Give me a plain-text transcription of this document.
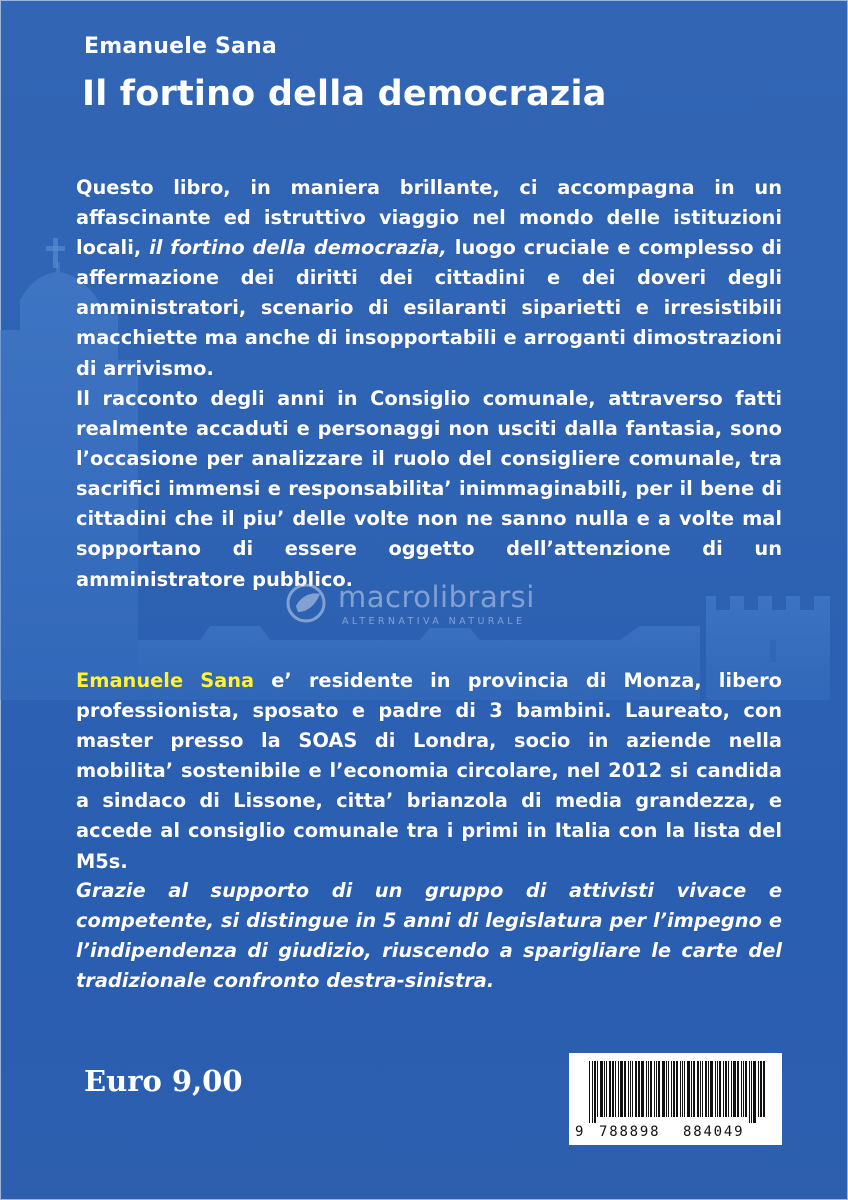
Emanuele Sana

Il fortino della democrazia

Questo libro, in maniera brillante, ci accompagna in un affascinante ed istruttivo viaggio nel mondo delle istituzioni locali, il fortino della democrazia, luogo cruciale e complesso di affermazione dei diritti dei cittadini e dei doveri degli amministratori, scenario di esilaranti siparietti e irresistibili macchiette ma anche di insopportabili e arroganti dimostrazioni di arrivismo.

Il racconto degli anni in Consiglio comunale, attraverso fatti realmente accaduti e personaggi non usciti dalla fantasia, sono l’occasione per analizzare il ruolo del consigliere comunale, tra sacrifici immensi e responsabilita’ inimmaginabili, per il bene di cittadini che il piu’ delle volte non ne sanno nulla e a volte mal sopportano di essere oggetto dell’attenzione di un amministratore pubblico.

macrolibrarsi
ALTERNATIVA NATURALE

Emanuele Sana e’ residente in provincia di Monza, libero professionista, sposato e padre di 3 bambini. Laureato, con master presso la SOAS di Londra, socio in aziende nella mobilita’ sostenibile e l’economia circolare, nel 2012 si candida a sindaco di Lissone, citta’ brianzola di media grandezza, e accede al consiglio comunale tra i primi in Italia con la lista del M5s.

Grazie al supporto di un gruppo di attivisti vivace e competente, si distingue in 5 anni di legislatura per l’impegno e l’indipendenza di giudizio, riuscendo a sparigliare le carte del tradizionale confronto destra-sinistra.

Euro 9,00

9 788898 884049
